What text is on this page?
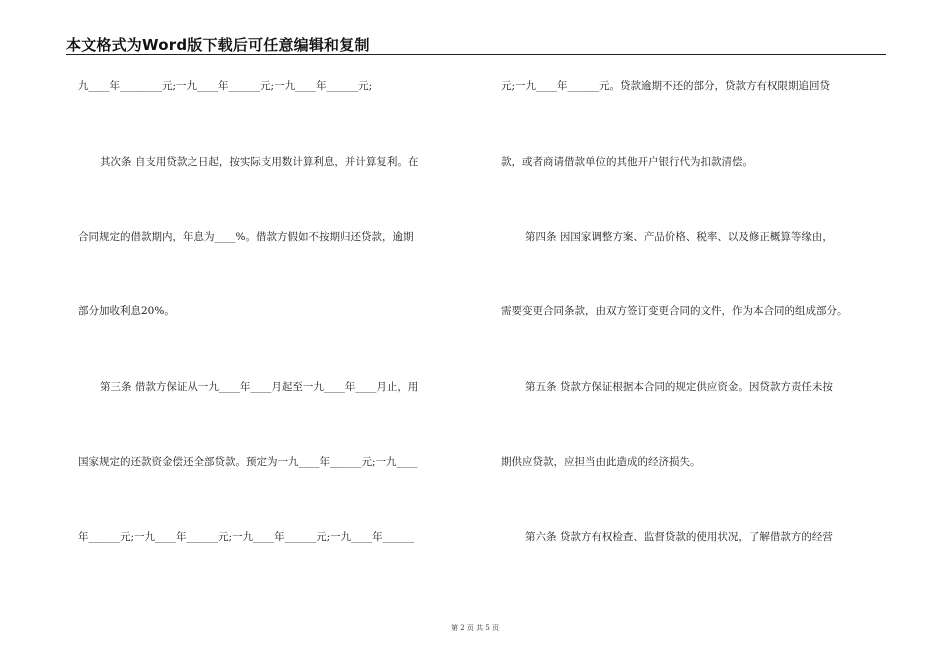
本文格式为Word版下载后可任意编辑和复制
九____年________元;一九____年______元;一九____年______元;
其次条 自支用贷款之日起，按实际支用数计算利息，并计算复利。在
合同规定的借款期内，年息为____%。借款方假如不按期归还贷款，逾期
部分加收利息20%。
第三条 借款方保证从一九____年____月起至一九____年____月止，用
国家规定的还款资金偿还全部贷款。预定为一九____年______元;一九____
年______元;一九____年______元;一九____年______元;一九____年______
元;一九____年______元。贷款逾期不还的部分，贷款方有权限期追回贷
款，或者商请借款单位的其他开户银行代为扣款清偿。
第四条 因国家调整方案、产品价格、税率、以及修正概算等缘由，
需要变更合同条款，由双方签订变更合同的文件，作为本合同的组成部分。
第五条 贷款方保证根据本合同的规定供应资金。因贷款方责任未按
期供应贷款，应担当由此造成的经济损失。
第六条 贷款方有权检查、监督贷款的使用状况，了解借款方的经营
第 2 页 共 5 页
